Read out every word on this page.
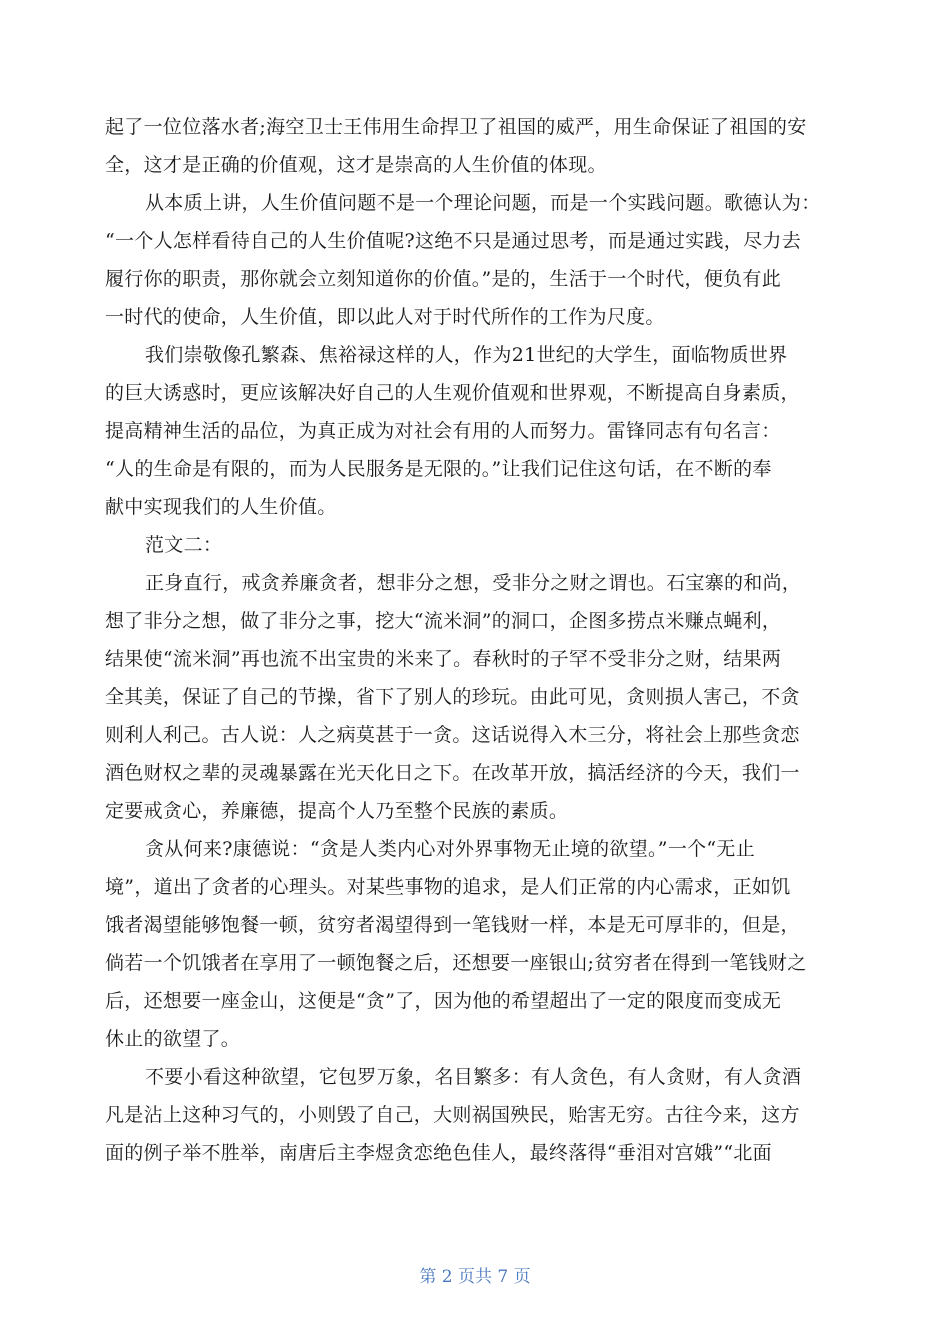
起了一位位落水者;海空卫士王伟用生命捍卫了祖国的威严，用生命保证了祖国的安
全，这才是正确的价值观，这才是崇高的人生价值的体现。
从本质上讲，人生价值问题不是一个理论问题，而是一个实践问题。歌德认为：
“一个人怎样看待自己的人生价值呢?这绝不只是通过思考，而是通过实践，尽力去
履行你的职责，那你就会立刻知道你的价值。”是的，生活于一个时代，便负有此
一时代的使命，人生价值，即以此人对于时代所作的工作为尺度。
我们崇敬像孔繁森、焦裕禄这样的人，作为21世纪的大学生，面临物质世界
的巨大诱惑时，更应该解决好自己的人生观价值观和世界观，不断提高自身素质，
提高精神生活的品位，为真正成为对社会有用的人而努力。雷锋同志有句名言：
“人的生命是有限的，而为人民服务是无限的。”让我们记住这句话，在不断的奉
献中实现我们的人生价值。
范文二：
正身直行，戒贪养廉贪者，想非分之想，受非分之财之谓也。石宝寨的和尚，
想了非分之想，做了非分之事，挖大“流米洞”的洞口，企图多捞点米赚点蝇利，
结果使“流米洞”再也流不出宝贵的米来了。春秋时的子罕不受非分之财，结果两
全其美，保证了自己的节操，省下了别人的珍玩。由此可见，贪则损人害己，不贪
则利人利己。古人说：人之病莫甚于一贪。这话说得入木三分，将社会上那些贪恋
酒色财权之辈的灵魂暴露在光天化日之下。在改革开放，搞活经济的今天，我们一
定要戒贪心，养廉德，提高个人乃至整个民族的素质。
贪从何来?康德说：“贪是人类内心对外界事物无止境的欲望。”一个“无止
境”，道出了贪者的心理头。对某些事物的追求，是人们正常的内心需求，正如饥
饿者渴望能够饱餐一顿，贫穷者渴望得到一笔钱财一样，本是无可厚非的，但是，
倘若一个饥饿者在享用了一顿饱餐之后，还想要一座银山;贫穷者在得到一笔钱财之
后，还想要一座金山，这便是“贪”了，因为他的希望超出了一定的限度而变成无
休止的欲望了。
不要小看这种欲望，它包罗万象，名目繁多：有人贪色，有人贪财，有人贪酒
凡是沾上这种习气的，小则毁了自己，大则祸国殃民，贻害无穷。古往今来，这方
面的例子举不胜举，南唐后主李煜贪恋绝色佳人，最终落得“垂泪对宫娥”“北面
第 2 页共 7 页
